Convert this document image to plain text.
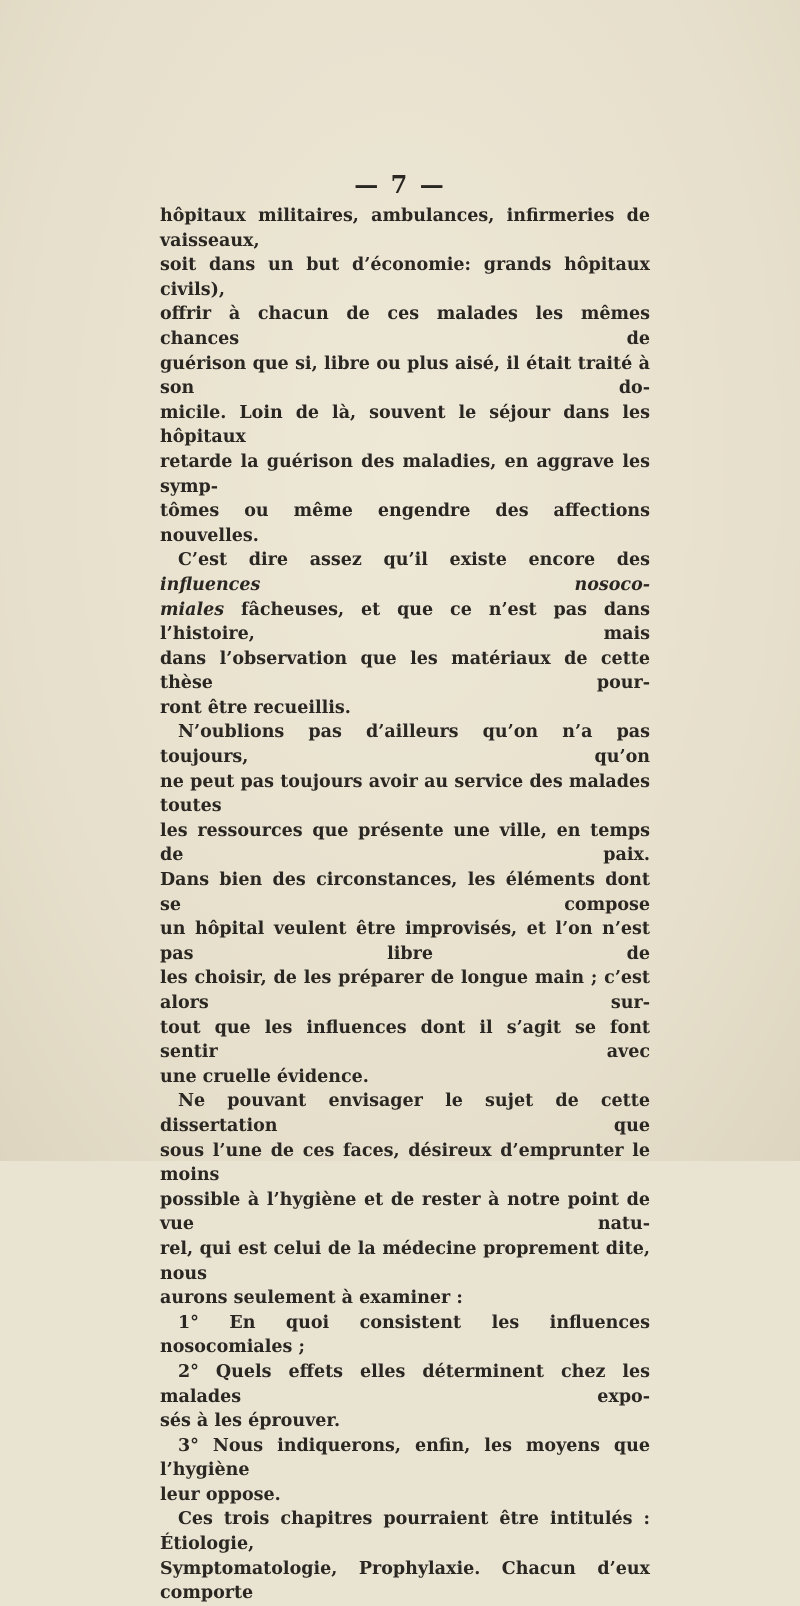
— 7 —

hôpitaux militaires, ambulances, infirmeries de vaisseaux,

soit dans un but d’économie: grands hôpitaux civils),

offrir à chacun de ces malades les mêmes chances de

guérison que si, libre ou plus aisé, il était traité à son do-

micile. Loin de là, souvent le séjour dans les hôpitaux

retarde la guérison des maladies, en aggrave les symp-

tômes ou même engendre des affections nouvelles.

C’est dire assez qu’il existe encore des influences nosoco-

miales fâcheuses, et que ce n’est pas dans l’histoire, mais

dans l’observation que les matériaux de cette thèse pour-

ront être recueillis.

N’oublions pas d’ailleurs qu’on n’a pas toujours, qu’on

ne peut pas toujours avoir au service des malades toutes

les ressources que présente une ville, en temps de paix.

Dans bien des circonstances, les éléments dont se compose

un hôpital veulent être improvisés, et l’on n’est pas libre de

les choisir, de les préparer de longue main ; c’est alors sur-

tout que les influences dont il s’agit se font sentir avec

une cruelle évidence.

Ne pouvant envisager le sujet de cette dissertation que

sous l’une de ces faces, désireux d’emprunter le moins

possible à l’hygiène et de rester à notre point de vue natu-

rel, qui est celui de la médecine proprement dite, nous

aurons seulement à examiner :

1° En quoi consistent les influences nosocomiales ;

2° Quels effets elles déterminent chez les malades expo-

sés à les éprouver.

3° Nous indiquerons, enfin, les moyens que l’hygiène

leur oppose.

Ces trois chapitres pourraient être intitulés : Étiologie,

Symptomatologie, Prophylaxie. Chacun d’eux comporte
